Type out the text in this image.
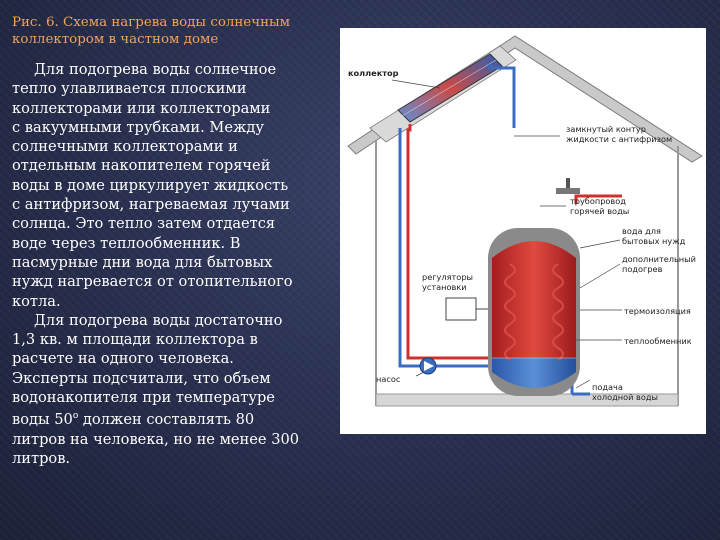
Рис. 6. Схема нагрева воды солнечным
коллектором в частном доме

Для подогрева воды солнечное
тепло улавливается плоскими
коллекторами или коллекторами
с вакуумными трубками. Между
солнечными коллекторами и
отдельным накопителем горячей
воды в доме циркулирует жидкость
с антифризом, нагреваемая лучами
солнца. Это тепло затем отдается
воде через теплообменник. В
пасмурные дни вода для бытовых
нужд нагревается от отопительного
котла.

Для подогрева воды достаточно
1,3 кв. м площади коллектора в
расчете на одного человека.
Эксперты подсчитали, что объем
водонакопителя при температуре
воды $50^о$ должен составлять 80
литров на человека, но не менее 300
литров.

коллектор
замкнутый контур
жидкости с антифризом
трубопровод
горячей воды
вода для
бытовых нужд
регуляторы
установки
дополнительный
подогрев
термоизоляция
теплообменник
насос
подача
холодной воды
